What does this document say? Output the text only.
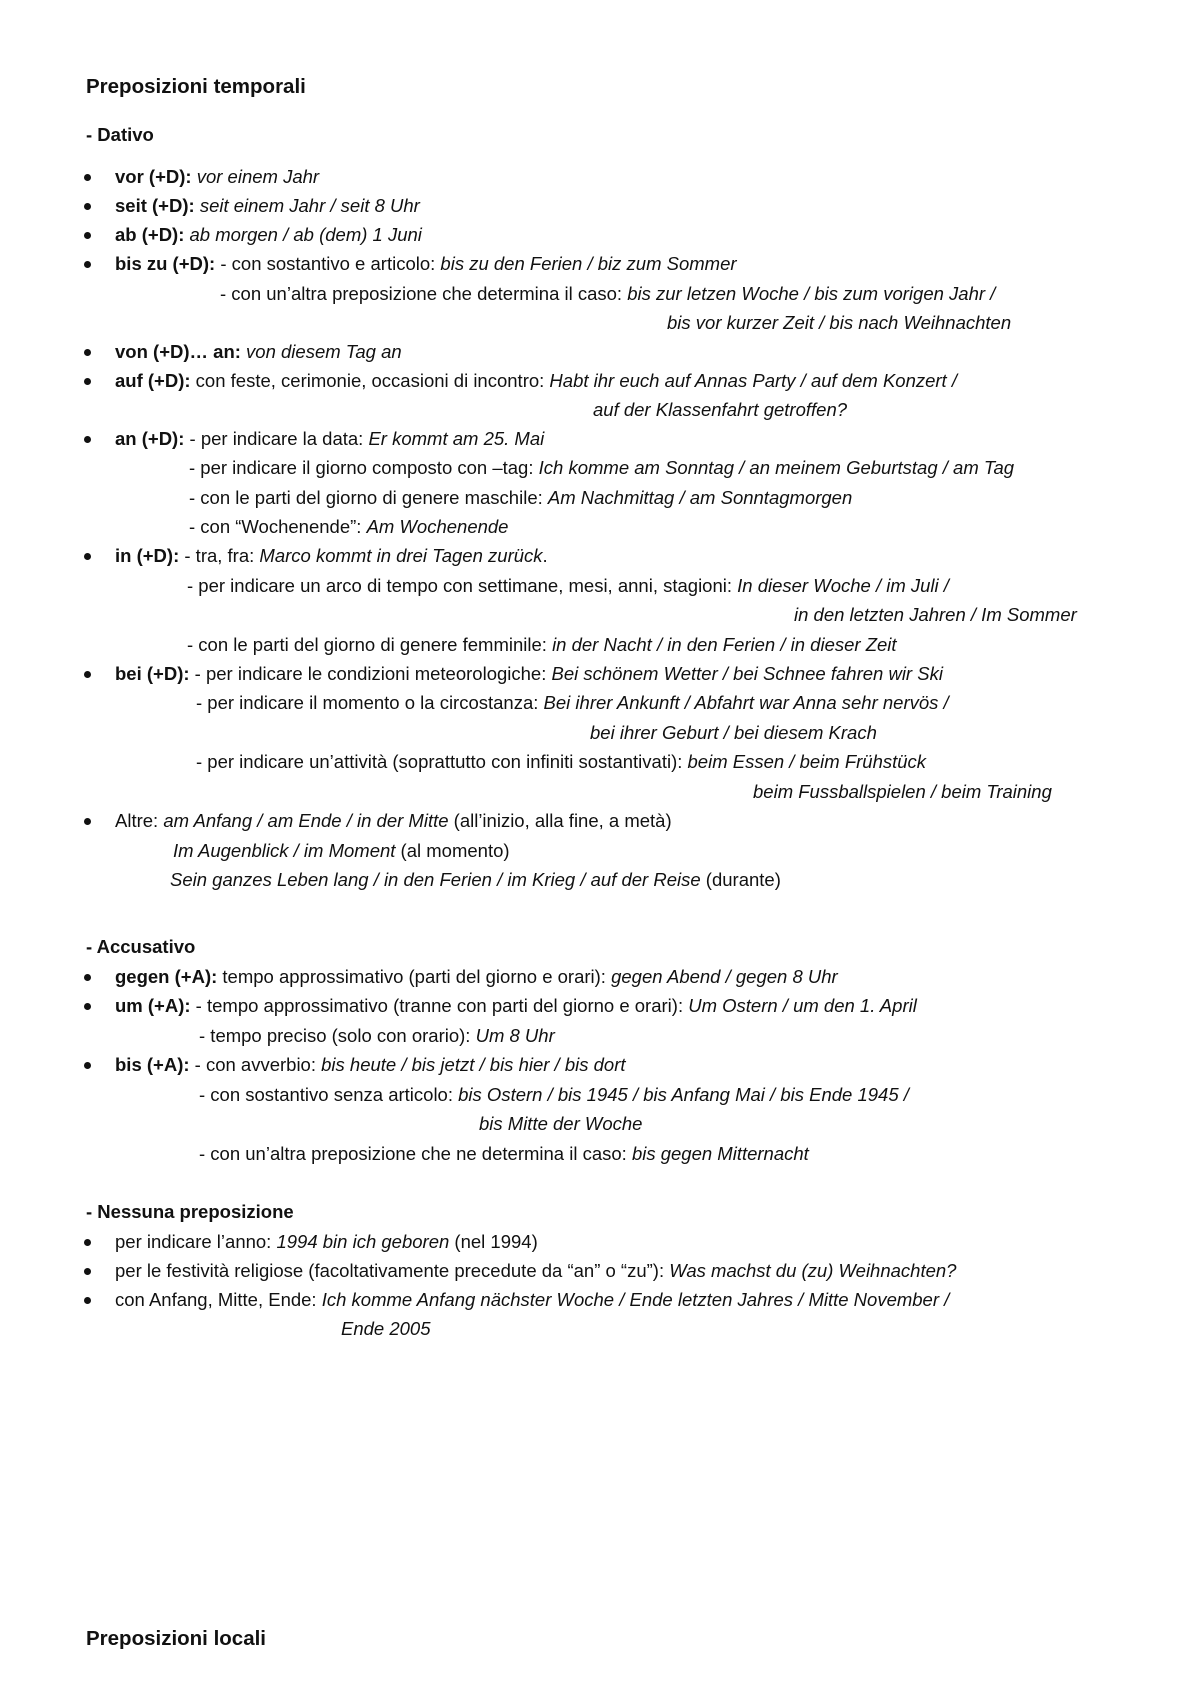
Preposizioni temporali
- Dativo
vor (+D): vor einem Jahr
seit (+D): seit einem Jahr / seit 8 Uhr
ab (+D): ab morgen / ab (dem) 1 Juni
bis zu (+D): - con sostantivo e articolo: bis zu den Ferien / biz zum Sommer
- con un’altra preposizione che determina il caso: bis zur letzen Woche / bis zum vorigen Jahr /
bis vor kurzer Zeit / bis nach Weihnachten
von (+D)… an: von diesem Tag an
auf (+D): con feste, cerimonie, occasioni di incontro: Habt ihr euch auf Annas Party / auf dem Konzert /
auf der Klassenfahrt getroffen?
an (+D): - per indicare la data: Er kommt am 25. Mai
- per indicare il giorno composto con –tag: Ich komme am Sonntag / an meinem Geburtstag / am Tag
- con le parti del giorno di genere maschile: Am Nachmittag / am Sonntagmorgen
- con “Wochenende”: Am Wochenende
in (+D): - tra, fra: Marco kommt in drei Tagen zurück.
- per indicare un arco di tempo con settimane, mesi, anni, stagioni: In dieser Woche / im Juli /
in den letzten Jahren / Im Sommer
- con le parti del giorno di genere femminile: in der Nacht / in den Ferien / in dieser Zeit
bei (+D): - per indicare le condizioni meteorologiche: Bei schönem Wetter / bei Schnee fahren wir Ski
- per indicare il momento o la circostanza: Bei ihrer Ankunft / Abfahrt war Anna sehr nervös /
bei ihrer Geburt / bei diesem Krach
- per indicare un’attività (soprattutto con infiniti sostantivati): beim Essen / beim Frühstück
beim Fussballspielen / beim Training
Altre: am Anfang / am Ende / in der Mitte (all’inizio, alla fine, a metà)
Im Augenblick / im Moment (al momento)
Sein ganzes Leben lang / in den Ferien / im Krieg / auf der Reise (durante)
- Accusativo
gegen (+A): tempo approssimativo (parti del giorno e orari): gegen Abend / gegen 8 Uhr
um (+A): - tempo approssimativo (tranne con parti del giorno e orari): Um Ostern / um den 1. April
- tempo preciso (solo con orario): Um 8 Uhr
bis (+A): - con avverbio: bis heute / bis jetzt / bis hier / bis dort
- con sostantivo senza articolo: bis Ostern / bis 1945 / bis Anfang Mai / bis Ende 1945 /
bis Mitte der Woche
- con un’altra preposizione che ne determina il caso: bis gegen Mitternacht
- Nessuna preposizione
per indicare l’anno: 1994 bin ich geboren (nel 1994)
per le festività religiose (facoltativamente precedute da “an” o “zu”): Was machst du (zu) Weihnachten?
con Anfang, Mitte, Ende: Ich komme Anfang nächster Woche / Ende letzten Jahres / Mitte November /
Ende 2005
Preposizioni locali
